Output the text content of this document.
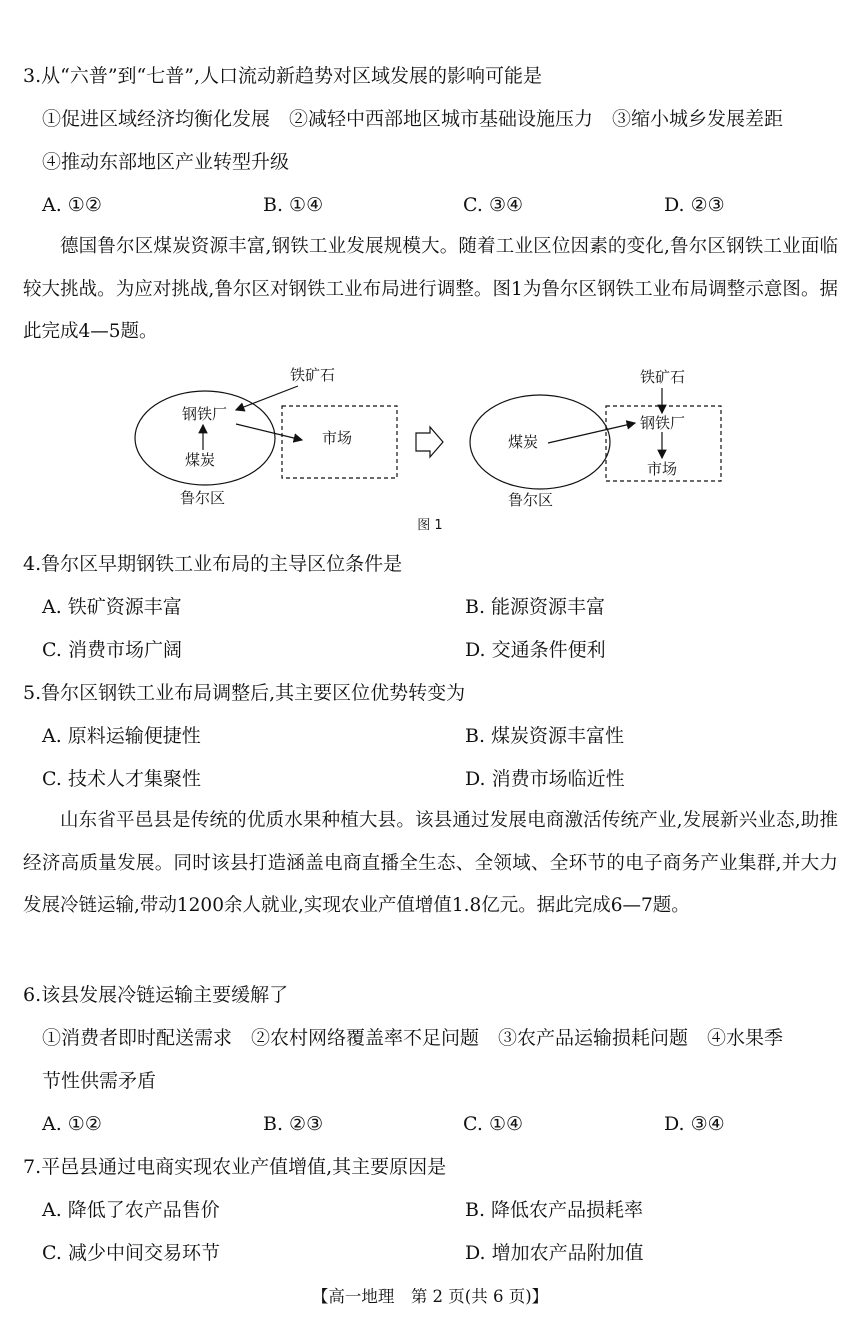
3.从“六普”到“七普”,人口流动新趋势对区域发展的影响可能是
①促进区域经济均衡化发展　②减轻中西部地区城市基础设施压力　③缩小城乡发展差距
④推动东部地区产业转型升级
A. ①②	B. ①④	C. ③④	D. ②③
德国鲁尔区煤炭资源丰富,钢铁工业发展规模大。随着工业区位因素的变化,鲁尔区钢铁工业面临较大挑战。为应对挑战,鲁尔区对钢铁工业布局进行调整。图1为鲁尔区钢铁工业布局调整示意图。据此完成4—5题。
铁矿石
钢铁厂
煤炭
市场
鲁尔区
铁矿石
钢铁厂
煤炭
市场
鲁尔区
图 1
4.鲁尔区早期钢铁工业布局的主导区位条件是
A. 铁矿资源丰富	B. 能源资源丰富
C. 消费市场广阔	D. 交通条件便利
5.鲁尔区钢铁工业布局调整后,其主要区位优势转变为
A. 原料运输便捷性	B. 煤炭资源丰富性
C. 技术人才集聚性	D. 消费市场临近性
山东省平邑县是传统的优质水果种植大县。该县通过发展电商激活传统产业,发展新兴业态,助推经济高质量发展。同时该县打造涵盖电商直播全生态、全领域、全环节的电子商务产业集群,并大力发展冷链运输,带动1200余人就业,实现农业产值增值1.8亿元。据此完成6—7题。
6.该县发展冷链运输主要缓解了
①消费者即时配送需求　②农村网络覆盖率不足问题　③农产品运输损耗问题　④水果季
节性供需矛盾
A. ①②	B. ②③	C. ①④	D. ③④
7.平邑县通过电商实现农业产值增值,其主要原因是
A. 降低了农产品售价	B. 降低农产品损耗率
C. 减少中间交易环节	D. 增加农产品附加值
【高一地理　第 2 页(共 6 页)】
